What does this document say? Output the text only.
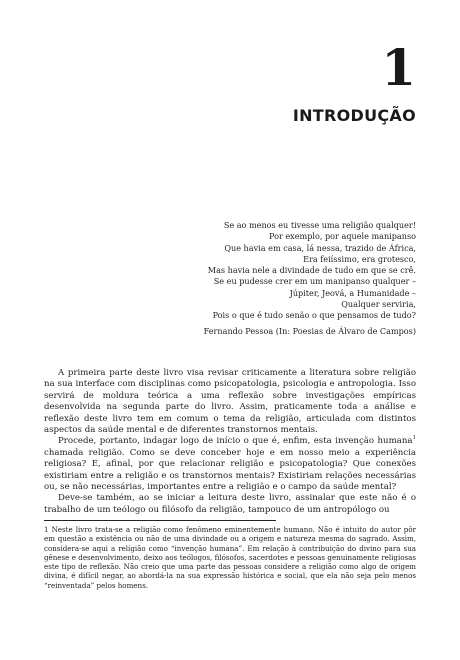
1
INTRODUÇÃO
Se ao menos eu tivesse uma religião qualquer!
Por exemplo, por aquele manipanso
Que havia em casa, lá nessa, trazido de África,
Era feiíssimo, era grotesco,
Mas havia nele a divindade de tudo em que se crê.
Se eu pudesse crer em um manipanso qualquer –
Júpiter, Jeová, a Humanidade –
Qualquer serviria,
Pois o que é tudo senão o que pensamos de tudo?
Fernando Pessoa (In: Poesias de Álvaro de Campos)

A primeira parte deste livro visa revisar criticamente a literatura sobre religião na sua interface com disciplinas como psicopatologia, psicologia e antropologia. Isso servirá de moldura teórica a uma reflexão sobre investigações empíricas desenvolvida na segunda parte do livro. Assim, praticamente toda a análise e reflexão deste livro tem em comum o tema da religião, articulada com distintos aspectos da saúde mental e de diferentes transtornos mentais.

Procede, portanto, indagar logo de início o que é, enfim, esta invenção humana$^1$ chamada religião. Como se deve conceber hoje e em nosso meio a experiência religiosa? E, afinal, por que relacionar religião e psicopatologia? Que conexões existiriam entre a religião e os transtornos mentais? Existiriam relações necessárias ou, se não necessárias, importantes entre a religião e o campo da saúde mental?

Deve-se também, ao se iniciar a leitura deste livro, assinalar que este não é o trabalho de um teólogo ou filósofo da religião, tampouco de um antropólogo ou

1 Neste livro trata-se a religião como fenômeno eminentemente humano. Não é intuito do autor pôr em questão a existência ou não de uma divindade ou a origem e natureza mesma do sagrado. Assim, considera-se aqui a religião como “invenção humana”. Em relação à contribuição do divino para sua gênese e desenvolvimento, deixo aos teólogos, filósofos, sacerdotes e pessoas genuinamente religiosas este tipo de reflexão. Não creio que uma parte das pessoas considere a religião como algo de origem divina, é difícil negar, ao abordá-la na sua expressão histórica e social, que ela não seja pelo menos “reinventada” pelos homens.
